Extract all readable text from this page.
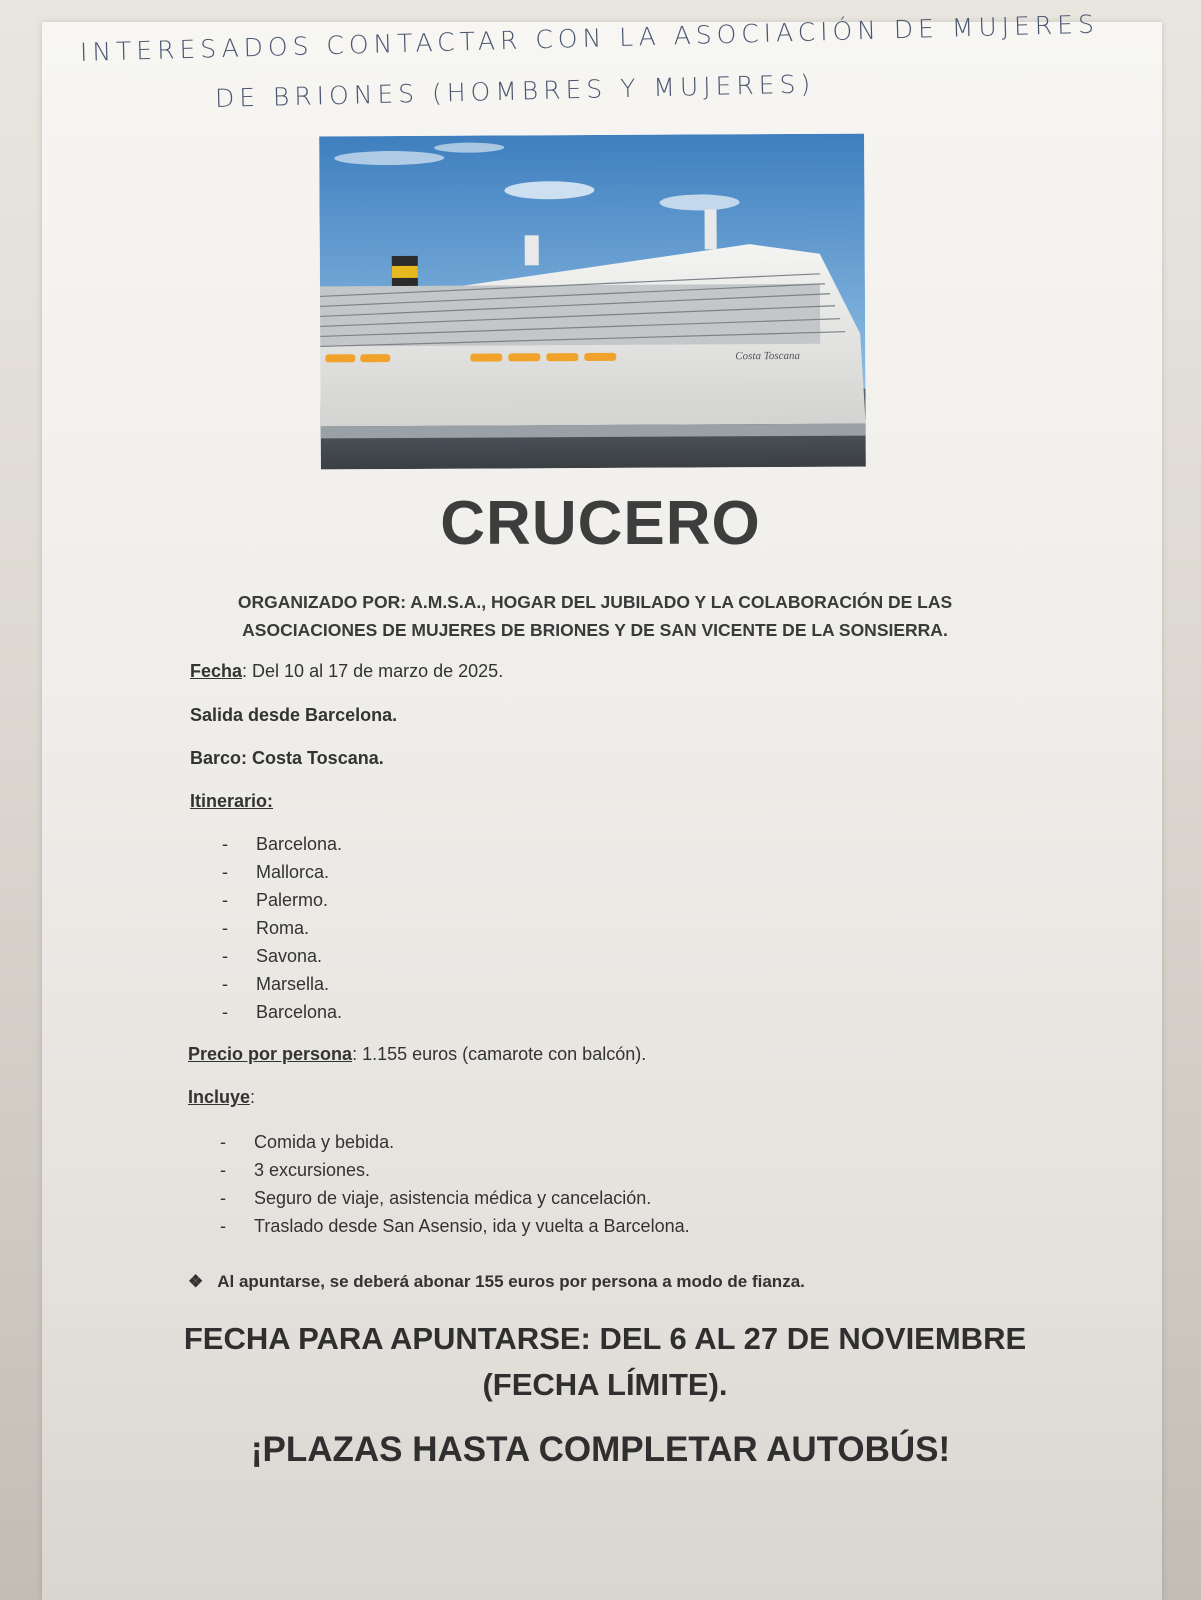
INTERESADOS CONTACTAR CON LA ASOCIACIÓN DE MUJERES
DE BRIONES (HOMBRES Y MUJERES)
Costa Toscana
CRUCERO
ORGANIZADO POR: A.M.S.A., HOGAR DEL JUBILADO Y LA COLABORACIÓN DE LAS
ASOCIACIONES DE MUJERES DE BRIONES Y DE SAN VICENTE DE LA SONSIERRA.
Fecha: Del 10 al 17 de marzo de 2025.
Salida desde Barcelona.
Barco: Costa Toscana.
Itinerario:
-	Barcelona.
-	Mallorca.
-	Palermo.
-	Roma.
-	Savona.
-	Marsella.
-	Barcelona.
Precio por persona: 1.155 euros (camarote con balcón).
Incluye:
-	Comida y bebida.
-	3 excursiones.
-	Seguro de viaje, asistencia médica y cancelación.
-	Traslado desde San Asensio, ida y vuelta a Barcelona.
❖ Al apuntarse, se deberá abonar 155 euros por persona a modo de fianza.
FECHA PARA APUNTARSE: DEL 6 AL 27 DE NOVIEMBRE
(FECHA LÍMITE).
¡PLAZAS HASTA COMPLETAR AUTOBÚS!
